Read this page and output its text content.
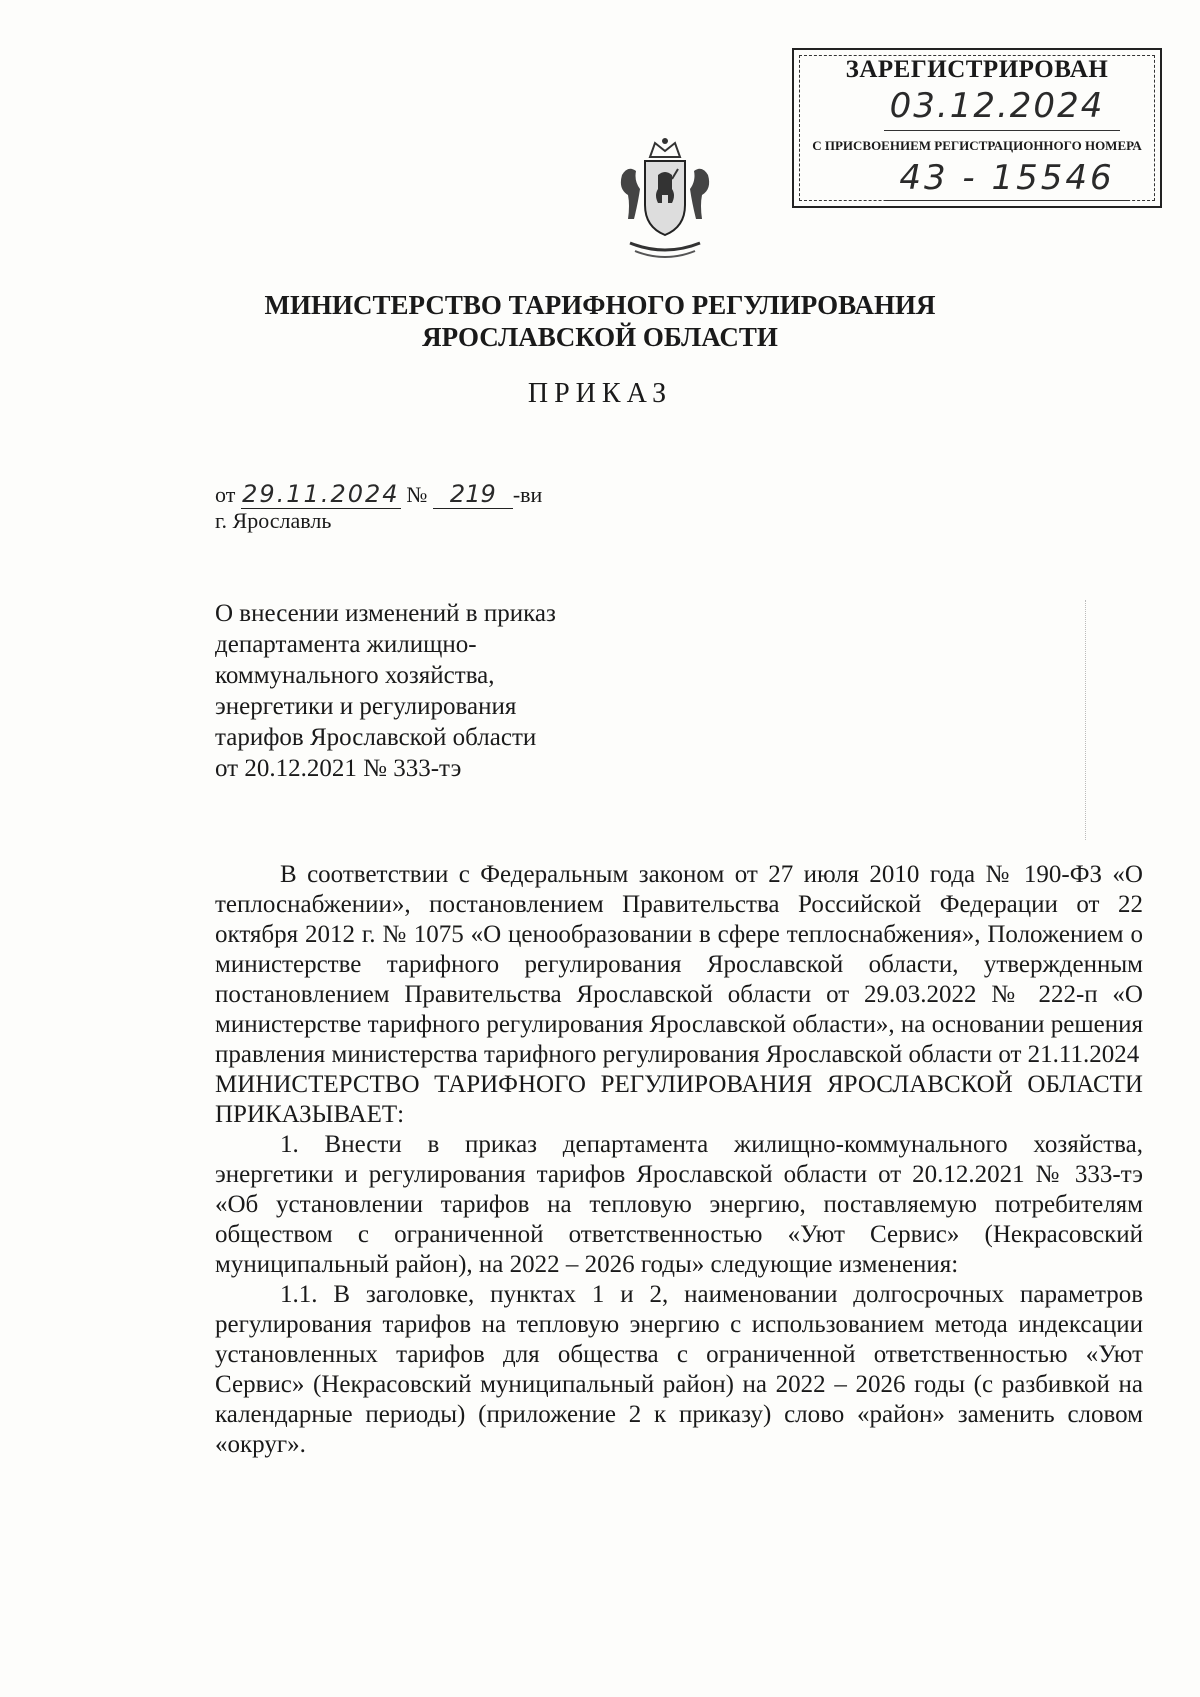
ЗАРЕГИСТРИРОВАН
03.12.2024
С ПРИСВОЕНИЕМ РЕГИСТРАЦИОННОГО НОМЕРА
43 - 15546
МИНИСТЕРСТВО ТАРИФНОГО РЕГУЛИРОВАНИЯ
ЯРОСЛАВСКОЙ ОБЛАСТИ
ПРИКАЗ
от 29.11.2024 № 219 -ви
г. Ярославль
О внесении изменений в приказ
департамента жилищно-
коммунального хозяйства,
энергетики и регулирования
тарифов Ярославской области
от 20.12.2021 № 333-тэ

В соответствии с Федеральным законом от 27 июля 2010 года № 190-ФЗ «О теплоснабжении», постановлением Правительства Российской Федерации от 22 октября 2012 г. № 1075 «О ценообразовании в сфере теплоснабжения», Положением о министерстве тарифного регулирования Ярославской области, утвержденным постановлением Правительства Ярославской области от 29.03.2022 № 222-п «О министерстве тарифного регулирования Ярославской области», на основании решения правления министерства тарифного регулирования Ярославской области от 21.11.2024

МИНИСТЕРСТВО ТАРИФНОГО РЕГУЛИРОВАНИЯ ЯРОСЛАВСКОЙ ОБЛАСТИ ПРИКАЗЫВАЕТ:

1. Внести в приказ департамента жилищно-коммунального хозяйства, энергетики и регулирования тарифов Ярославской области от 20.12.2021 № 333-тэ «Об установлении тарифов на тепловую энергию, поставляемую потребителям обществом с ограниченной ответственностью «Уют Сервис» (Некрасовский муниципальный район), на 2022 – 2026 годы» следующие изменения:

1.1. В заголовке, пунктах 1 и 2, наименовании долгосрочных параметров регулирования тарифов на тепловую энергию с использованием метода индексации установленных тарифов для общества с ограниченной ответственностью «Уют Сервис» (Некрасовский муниципальный район) на 2022 – 2026 годы (с разбивкой на календарные периоды) (приложение 2 к приказу) слово «район» заменить словом «округ».
